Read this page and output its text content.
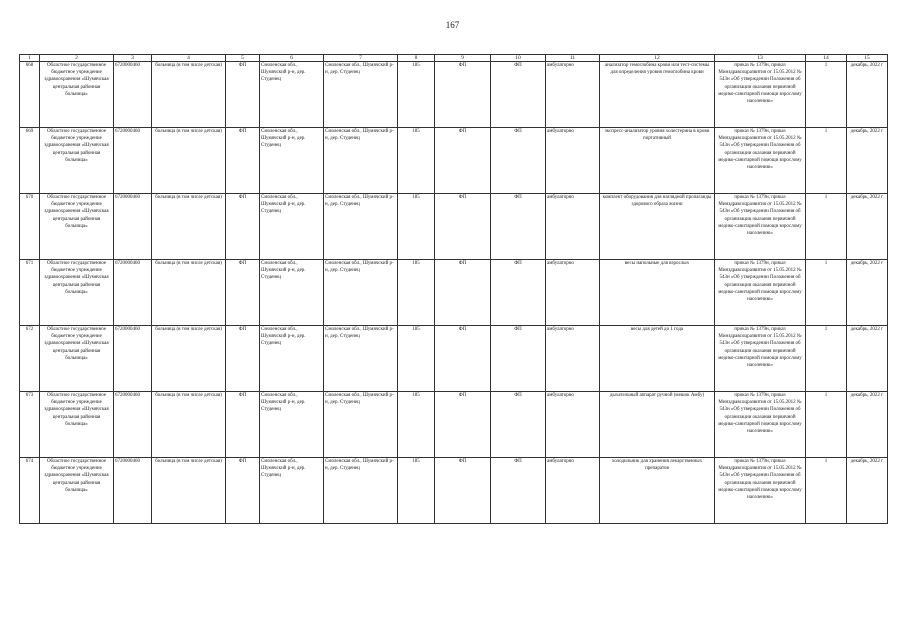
167
1	2	3	4	5	6	7	8	9	10	11	12	13	14	15
668	Областное государственное бюджетное учреждение здравоохранения «Шумячская центральная районная больница»	6720000460	больница (в том числе детская)	ФП	Смоленская обл., Шумячский р-н, дер. Студенец	Смоленская обл., Шумячский р-н, дер. Студенец	185	ФП	ФП	амбулаторно	анализатор гемоглобина крови или тест-системы для определения уровня гемоглобина крови	приказ № 1379н, приказ Минздравсоцразвития от 15.05.2012 № 543н «Об утверждении Положения об организации оказания первичной медико-санитарной помощи взрослому населению»	1	декабрь, 2022 г
669	Областное государственное бюджетное учреждение здравоохранения «Шумячская центральная районная больница»	6720000460	больница (в том числе детская)	ФП	Смоленская обл., Шумячский р-н, дер. Студенец	Смоленская обл., Шумячский р-н, дер. Студенец	185	ФП	ФП	амбулаторно	экспресс-анализатор уровня холестерина в крови портативный	приказ № 1379н, приказ Минздравсоцразвития от 15.05.2012 № 543н «Об утверждении Положения об организации оказания первичной медико-санитарной помощи взрослому населению»	1	декабрь, 2022 г
670	Областное государственное бюджетное учреждение здравоохранения «Шумячская центральная районная больница»	6720000460	больница (в том числе детская)	ФП	Смоленская обл., Шумячский р-н, дер. Студенец	Смоленская обл., Шумячский р-н, дер. Студенец	185	ФП	ФП	амбулаторно	комплект оборудования для наглядной пропаганды здорового образа жизни	приказ № 1379н, приказ Минздравсоцразвития от 15.05.2012 № 543н «Об утверждении Положения об организации оказания первичной медико-санитарной помощи взрослому населению»	1	декабрь, 2022 г
671	Областное государственное бюджетное учреждение здравоохранения «Шумячская центральная районная больница»	6720000460	больница (в том числе детская)	ФП	Смоленская обл., Шумячский р-н, дер. Студенец	Смоленская обл., Шумячский р-н, дер. Студенец	185	ФП	ФП	амбулаторно	весы напольные для взрослых	приказ № 1379н, приказ Минздравсоцразвития от 15.05.2012 № 543н «Об утверждении Положения об организации оказания первичной медико-санитарной помощи взрослому населению»	1	декабрь, 2022 г
672	Областное государственное бюджетное учреждение здравоохранения «Шумячская центральная районная больница»	6720000460	больница (в том числе детская)	ФП	Смоленская обл., Шумячский р-н, дер. Студенец	Смоленская обл., Шумячский р-н, дер. Студенец	185	ФП	ФП	амбулаторно	весы для детей до 1 года	приказ № 1379н, приказ Минздравсоцразвития от 15.05.2012 № 543н «Об утверждении Положения об организации оказания первичной медико-санитарной помощи взрослому населению»	1	декабрь, 2022 г
673	Областное государственное бюджетное учреждение здравоохранения «Шумячская центральная районная больница»	6720000460	больница (в том числе детская)	ФП	Смоленская обл., Шумячский р-н, дер. Студенец	Смоленская обл., Шумячский р-н, дер. Студенец	185	ФП	ФП	амбулаторно	дыхательный аппарат ручной (мешок Амбу)	приказ № 1379н, приказ Минздравсоцразвития от 15.05.2012 № 543н «Об утверждении Положения об организации оказания первичной медико-санитарной помощи взрослому населению»	1	декабрь, 2022 г
674	Областное государственное бюджетное учреждение здравоохранения «Шумячская центральная районная больница»	6720000460	больница (в том числе детская)	ФП	Смоленская обл., Шумячский р-н, дер. Студенец	Смоленская обл., Шумячский р-н, дер. Студенец	185	ФП	ФП	амбулаторно	холодильник для хранения лекарственных препаратов	приказ № 1379н, приказ Минздравсоцразвития от 15.05.2012 № 543н «Об утверждении Положения об организации оказания первичной медико-санитарной помощи взрослому населению»	1	декабрь, 2022 г
